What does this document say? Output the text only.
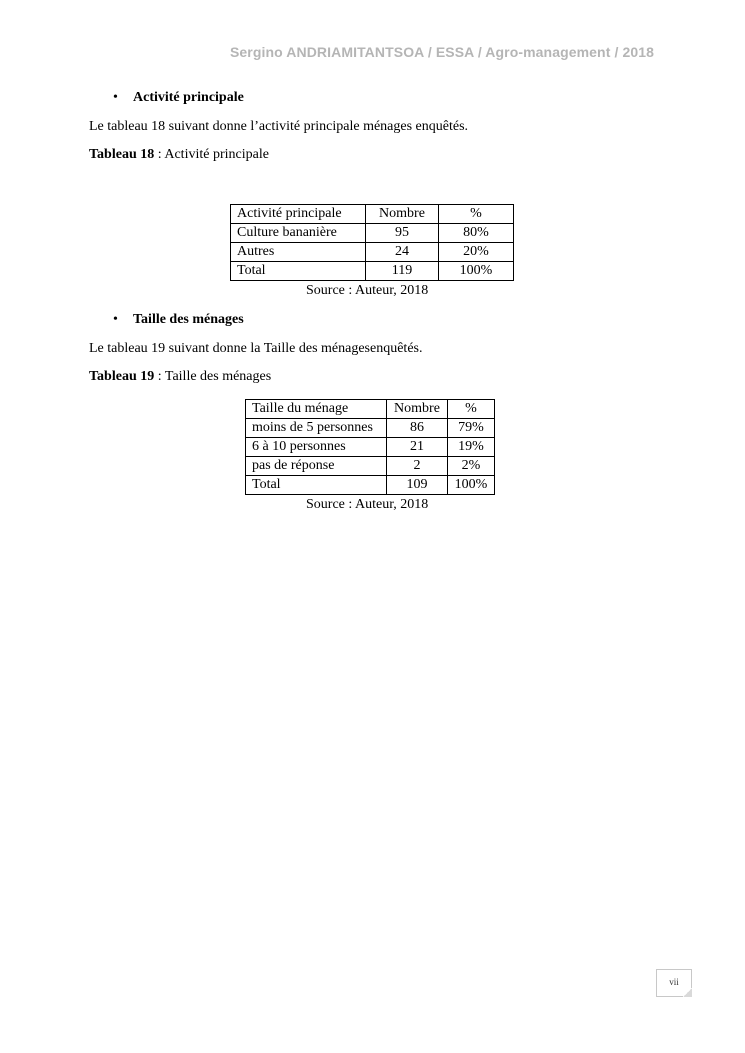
Sergino ANDRIAMITANTSOA / ESSA / Agro-management / 2018
• Activité principale
Le tableau 18 suivant donne l’activité principale ménages enquêtés.
Tableau 18 : Activité principale
Activité principale	Nombre	%
Culture bananière	95	80%
Autres	24	20%
Total	119	100%
Source : Auteur, 2018
• Taille des ménages
Le tableau 19 suivant donne la Taille des ménagesenquêtés.
Tableau 19 : Taille des ménages
Taille du ménage	Nombre	%
moins de 5 personnes	86	79%
6 à 10 personnes	21	19%
pas de réponse	2	2%
Total	109	100%
Source : Auteur, 2018
vii
